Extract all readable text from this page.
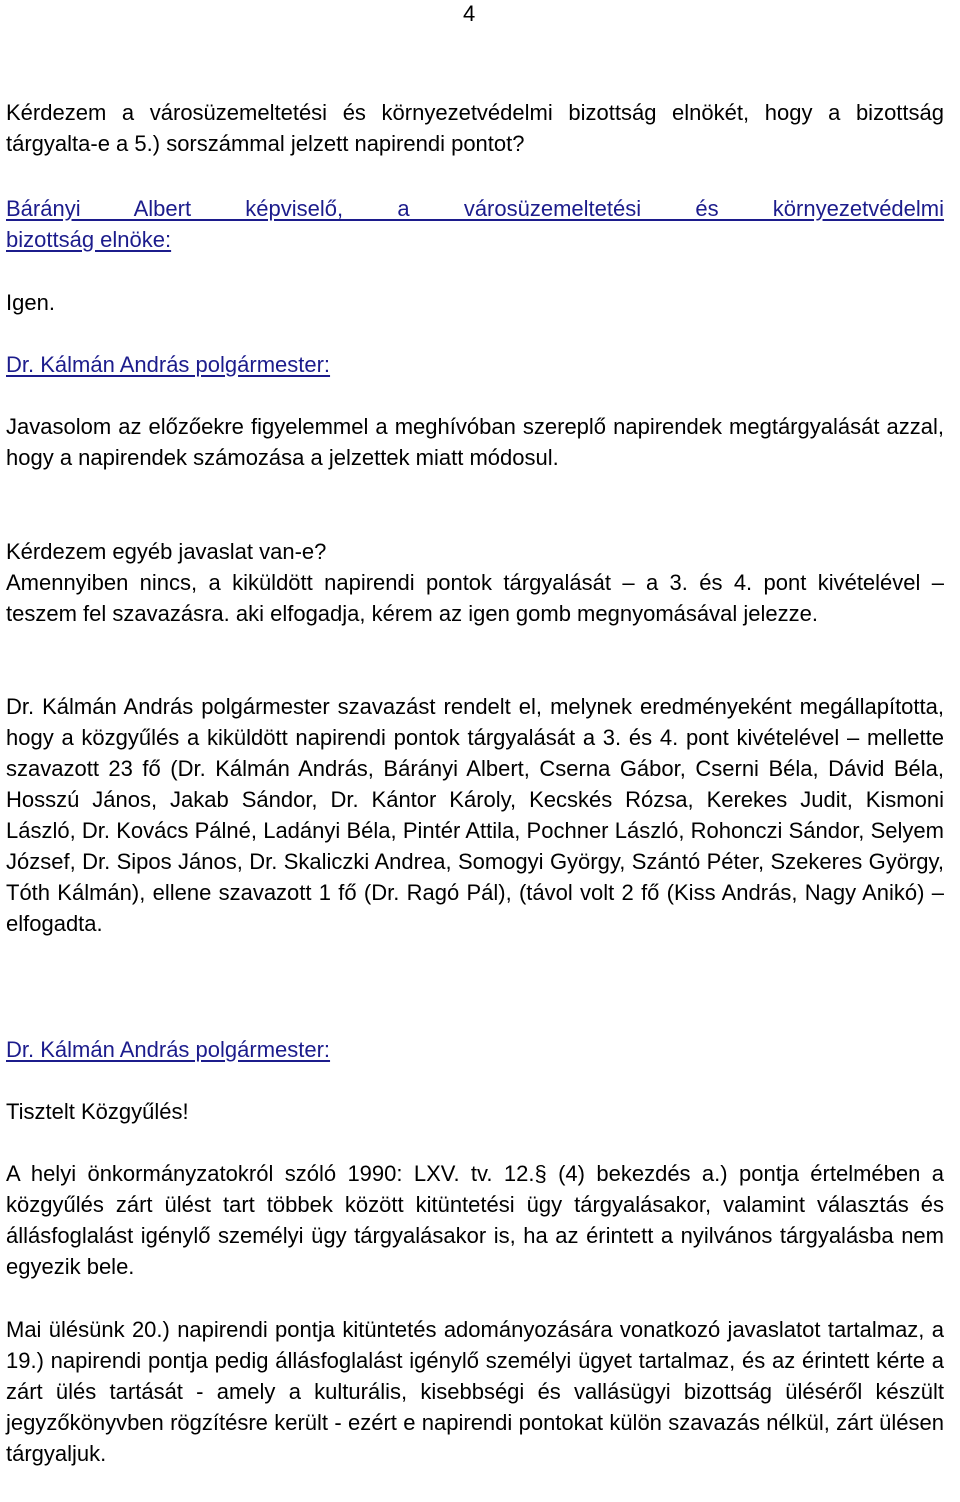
4

Kérdezem a városüzemeltetési és környezetvédelmi bizottság elnökét, hogy a bizottság tárgyalta-e a 5.) sorszámmal jelzett napirendi pontot?

Bárányi Albert képviselő, a városüzemeltetési és környezetvédelmi

bizottság elnöke:

Igen.

Dr. Kálmán András polgármester:

Javasolom az előzőekre figyelemmel a meghívóban szereplő napirendek megtárgyalását azzal, hogy a napirendek számozása a jelzettek miatt módosul.

Kérdezem egyéb javaslat van-e?

Amennyiben nincs, a kiküldött napirendi pontok tárgyalását – a 3. és 4. pont kivételével – teszem fel szavazásra. aki elfogadja, kérem az igen gomb megnyomásával jelezze.

Dr. Kálmán András polgármester szavazást rendelt el, melynek eredményeként megállapította, hogy a közgyűlés a kiküldött napirendi pontok tárgyalását a 3. és 4. pont kivételével – mellette szavazott 23 fő (Dr. Kálmán András, Bárányi Albert, Cserna Gábor, Cserni Béla, Dávid Béla, Hosszú János, Jakab Sándor, Dr. Kántor Károly, Kecskés Rózsa, Kerekes Judit, Kismoni László, Dr. Kovács Pálné, Ladányi Béla, Pintér Attila, Pochner László, Rohonczi Sándor, Selyem József, Dr. Sipos János, Dr. Skaliczki Andrea, Somogyi György, Szántó Péter, Szekeres György, Tóth Kálmán), ellene szavazott 1 fő (Dr. Ragó Pál), (távol volt 2 fő (Kiss András, Nagy Anikó) – elfogadta.

Dr. Kálmán András polgármester:

Tisztelt Közgyűlés!

A helyi önkormányzatokról szóló 1990: LXV. tv. 12.§ (4) bekezdés a.) pontja értelmében a közgyűlés zárt ülést tart többek között kitüntetési ügy tárgyalásakor, valamint választás és állásfoglalást igénylő személyi ügy tárgyalásakor is, ha az érintett a nyilvános tárgyalásba nem egyezik bele.

Mai ülésünk 20.) napirendi pontja kitüntetés adományozására vonatkozó javaslatot tartalmaz, a 19.) napirendi pontja pedig állásfoglalást igénylő személyi ügyet tartalmaz, és az érintett kérte a zárt ülés tartását - amely a kulturális, kisebbségi és vallásügyi bizottság üléséről készült jegyzőkönyvben rögzítésre került - ezért e napirendi pontokat külön szavazás nélkül, zárt ülésen tárgyaljuk.
